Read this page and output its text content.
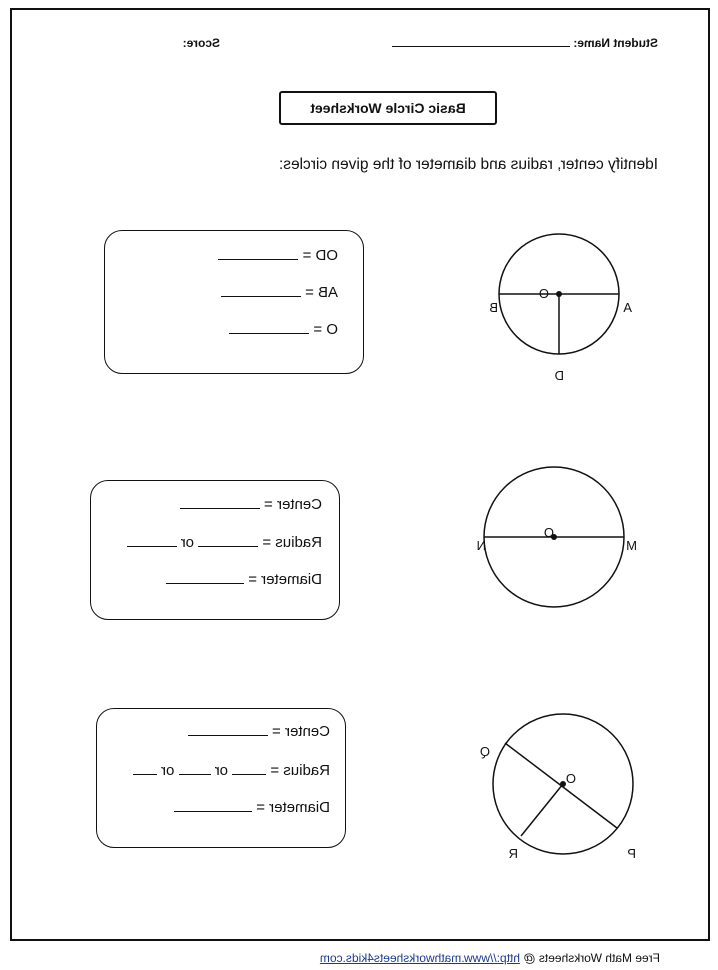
Student Name:
Score:
Basic Circle Worksheet
Identify center, radius and diameter of the given circles:
A
B
O
D
M
N
O
Q
O
P
R
OD =
AB =
O =
Center =
Radius =  or
Diameter =
Center =
Radius =  or  or
Diameter =
Free Math Worksheets @ http://www.mathworksheets4kids.com
